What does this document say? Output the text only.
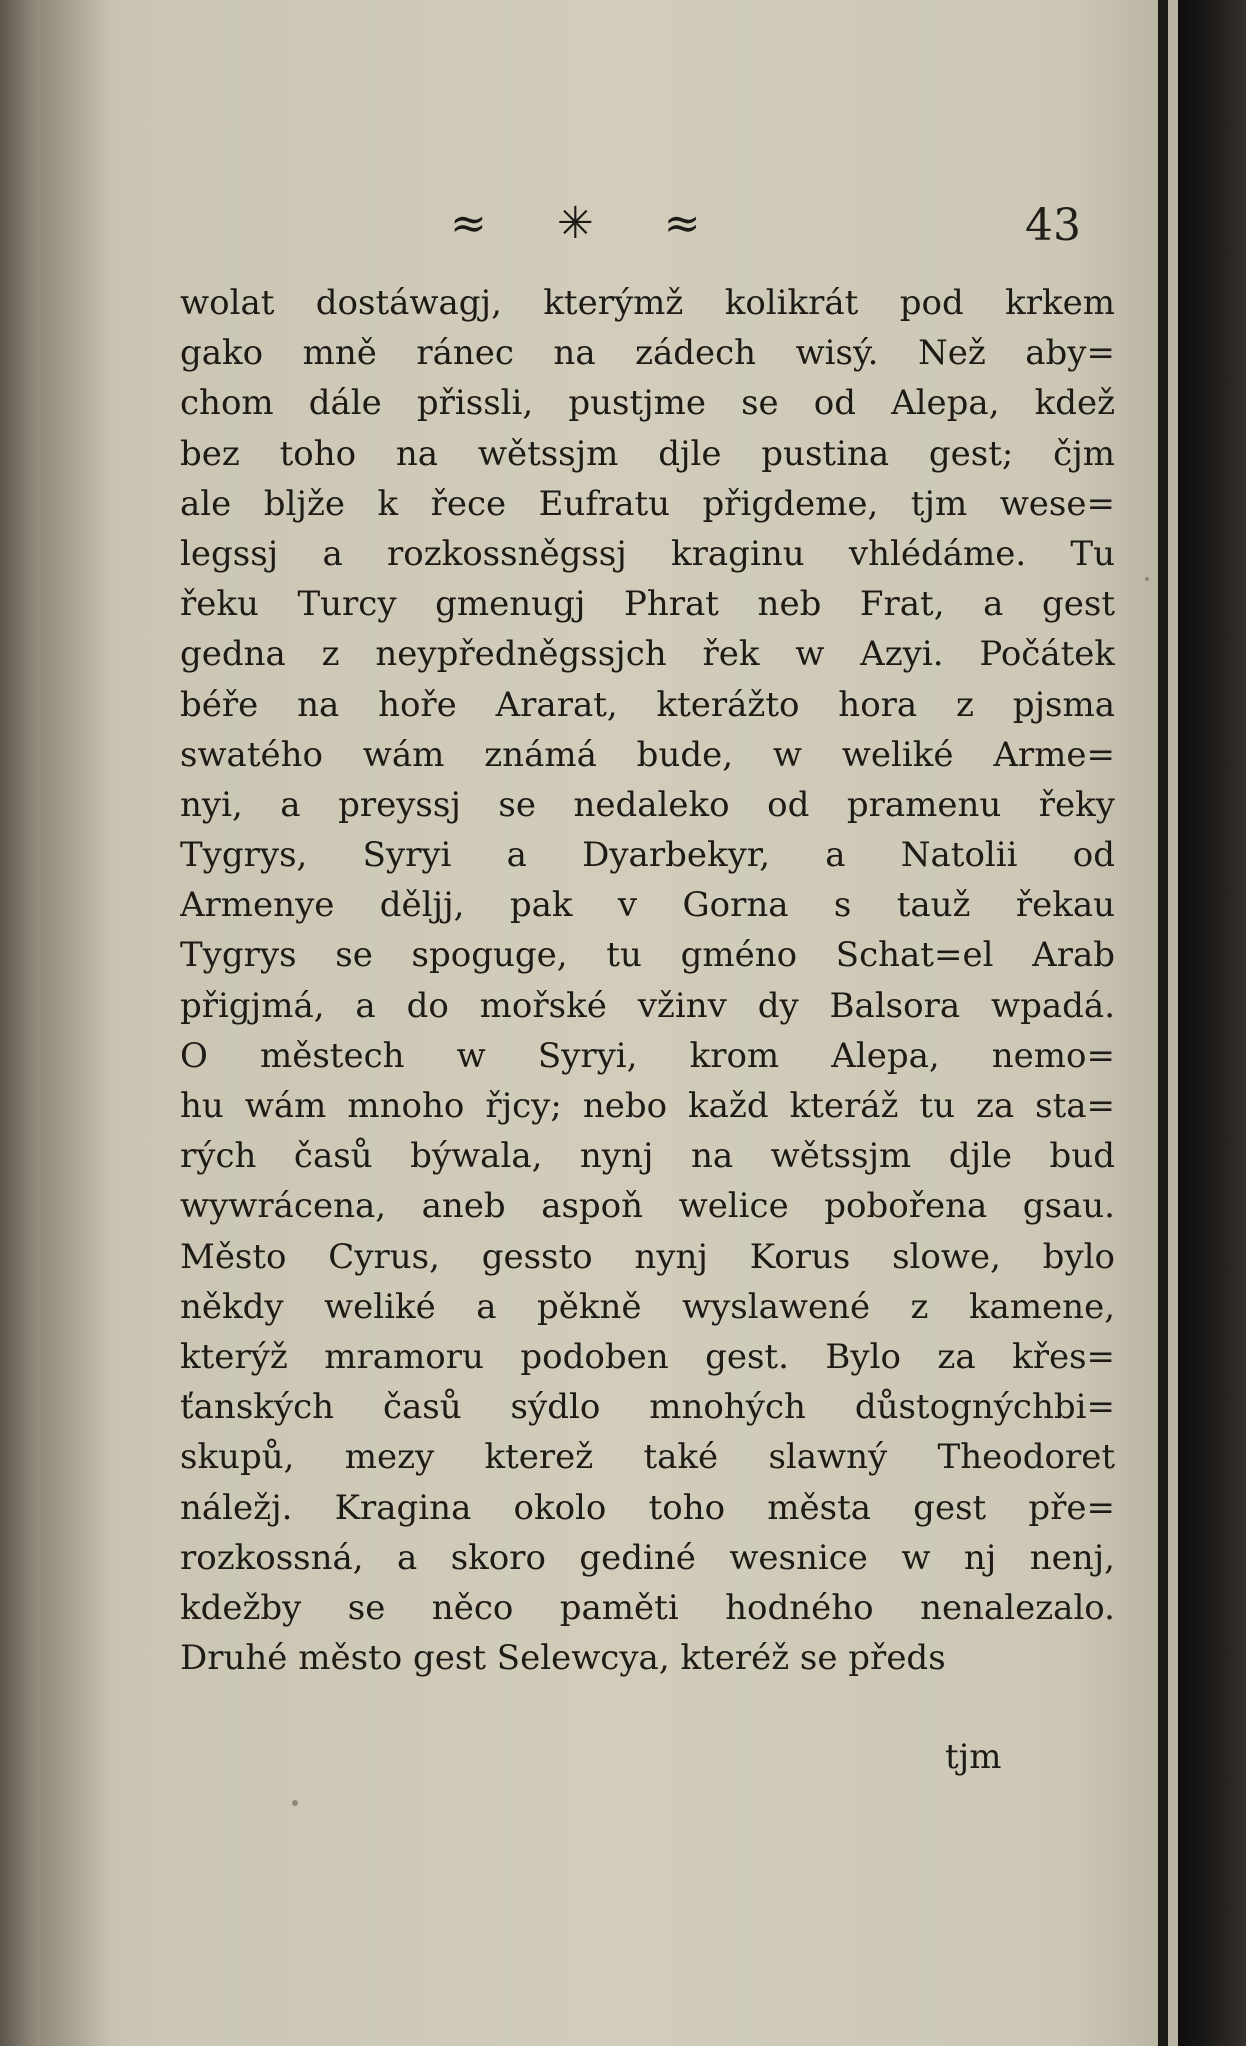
≈ ✳ ≈	43
wolat dostáwagj, kterýmž kolikrát pod krkem
gako mně ránec na zádech wisý. Než aby=
chom dále přissli, pustjme se od Alepa, kdež
bez toho na wětssjm djle pustina gest; čjm
ale bljže k řece Eufratu přigdeme, tjm wese=
legssj a rozkossněgssj kraginu vhlédáme. Tu
řeku Turcy gmenugj Phrat neb Frat, a gest
gedna z neypředněgssjch řek w Azyi. Počátek
béře na hoře Ararat, kterážto hora z pjsma
swatého wám známá bude, w weliké Arme=
nyi, a preyssj se nedaleko od pramenu řeky
Tygrys, Syryi a Dyarbekyr, a Natolii od
Armenye děljj, pak v Gorna s tauž řekau
Tygrys se spoguge, tu gméno Schat=el Arab
přigjmá, a do mořské vžinv dy Balsora wpadá.
O městech w Syryi, krom Alepa, nemo=
hu wám mnoho řjcy; nebo každ kteráž tu za sta=
rých časů býwala, nynj na wětssjm djle bud
wywrácena, aneb aspoň welice pobořena gsau.
Město Cyrus, gessto nynj Korus slowe, bylo
někdy weliké a pěkně wyslawené z kamene,
kterýž mramoru podoben gest. Bylo za křes=
ťanských časů sýdlo mnohých důstognýchbi=
skupů, mezy kterež také slawný Theodoret
náležj. Kragina okolo toho města gest pře=
rozkossná, a skoro gediné wesnice w nj nenj,
kdežby se něco paměti hodného nenalezalo.
Druhé město gest Selewcya, kteréž se předs
tjm
